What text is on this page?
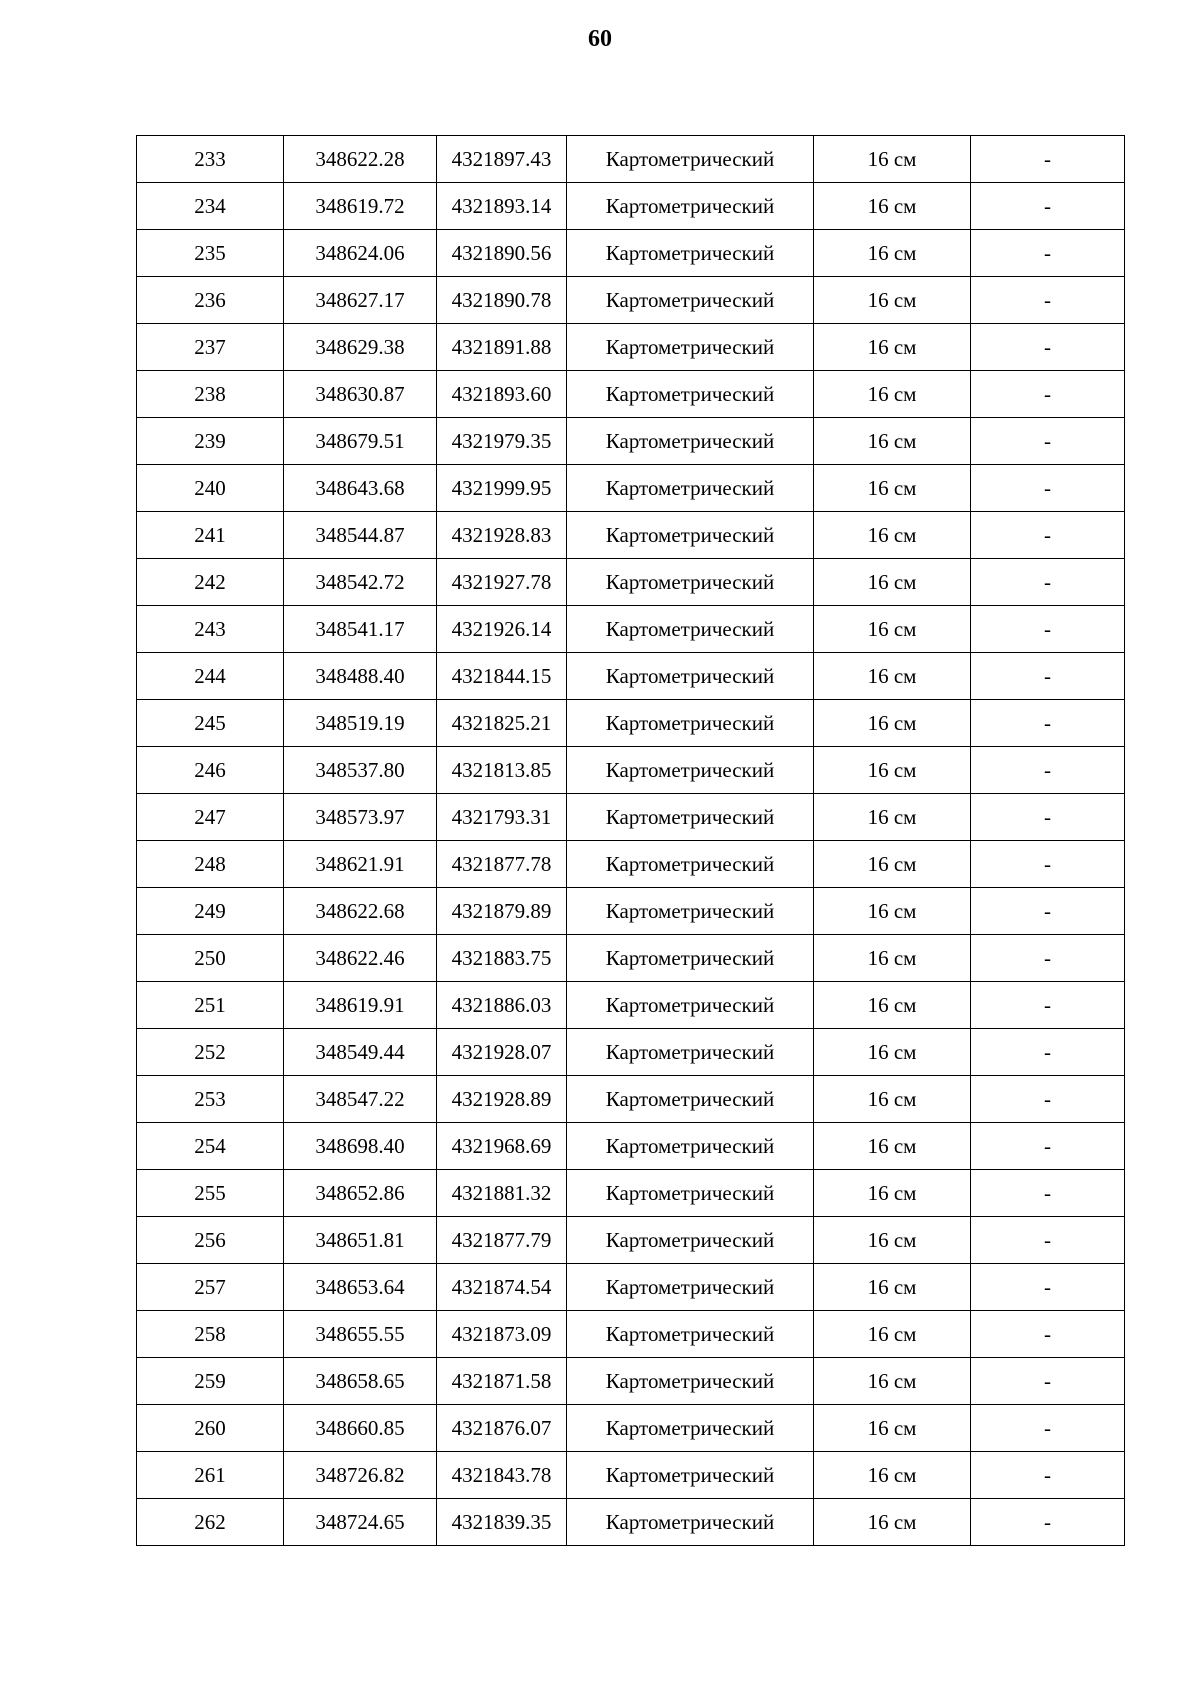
60
233	348622.28	4321897.43	Картометрический	16 см	-
234	348619.72	4321893.14	Картометрический	16 см	-
235	348624.06	4321890.56	Картометрический	16 см	-
236	348627.17	4321890.78	Картометрический	16 см	-
237	348629.38	4321891.88	Картометрический	16 см	-
238	348630.87	4321893.60	Картометрический	16 см	-
239	348679.51	4321979.35	Картометрический	16 см	-
240	348643.68	4321999.95	Картометрический	16 см	-
241	348544.87	4321928.83	Картометрический	16 см	-
242	348542.72	4321927.78	Картометрический	16 см	-
243	348541.17	4321926.14	Картометрический	16 см	-
244	348488.40	4321844.15	Картометрический	16 см	-
245	348519.19	4321825.21	Картометрический	16 см	-
246	348537.80	4321813.85	Картометрический	16 см	-
247	348573.97	4321793.31	Картометрический	16 см	-
248	348621.91	4321877.78	Картометрический	16 см	-
249	348622.68	4321879.89	Картометрический	16 см	-
250	348622.46	4321883.75	Картометрический	16 см	-
251	348619.91	4321886.03	Картометрический	16 см	-
252	348549.44	4321928.07	Картометрический	16 см	-
253	348547.22	4321928.89	Картометрический	16 см	-
254	348698.40	4321968.69	Картометрический	16 см	-
255	348652.86	4321881.32	Картометрический	16 см	-
256	348651.81	4321877.79	Картометрический	16 см	-
257	348653.64	4321874.54	Картометрический	16 см	-
258	348655.55	4321873.09	Картометрический	16 см	-
259	348658.65	4321871.58	Картометрический	16 см	-
260	348660.85	4321876.07	Картометрический	16 см	-
261	348726.82	4321843.78	Картометрический	16 см	-
262	348724.65	4321839.35	Картометрический	16 см	-
